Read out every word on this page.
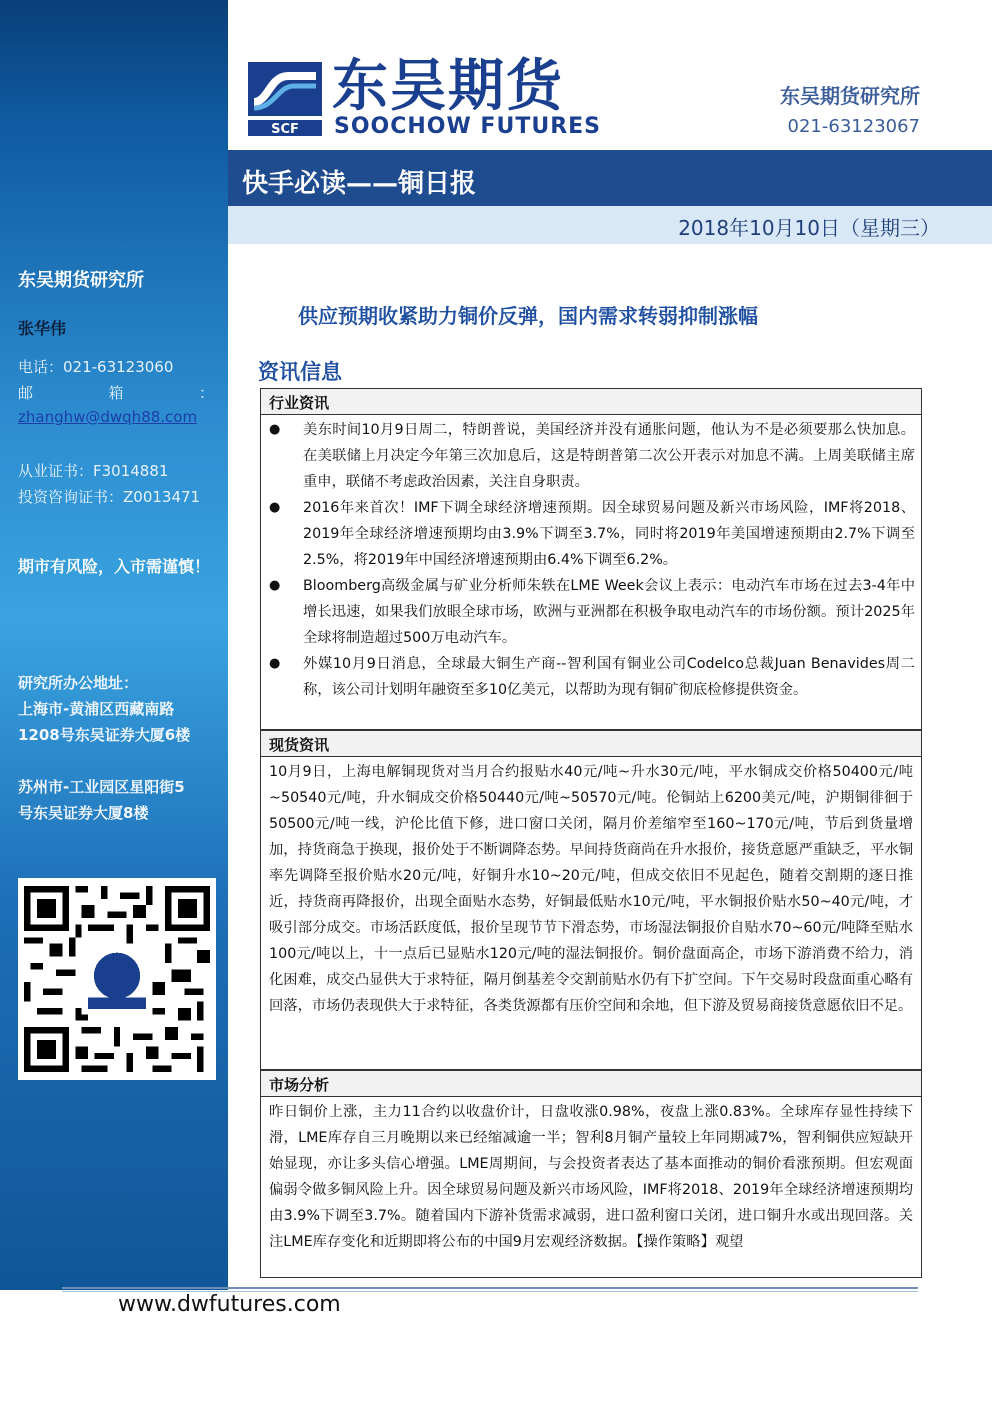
东吴期货研究所
张华伟
电话：021-63123060
邮	箱	：
zhanghw@dwqh88.com
从业证书：F3014881
投资咨询证书：Z0013471
期市有风险，入市需谨慎！
研究所办公地址：
上海市-黄浦区西藏南路
1208号东吴证券大厦6楼
苏州市-工业园区星阳街5
号东吴证券大厦8楼
SCF
东吴期货
SOOCHOW FUTURES
东吴期货研究所
021-63123067
快手必读——铜日报
2018年10月10日（星期三）
供应预期收紧助力铜价反弹，国内需求转弱抑制涨幅
资讯信息
行业资讯
●	美东时间10月9日周二，特朗普说，美国经济并没有通胀问题，他认为不是必须要那么快加息。在美联储上月决定今年第三次加息后，这是特朗普第二次公开表示对加息不满。上周美联储主席重申，联储不考虑政治因素，关注自身职责。
●	2016年来首次！IMF下调全球经济增速预期。因全球贸易问题及新兴市场风险，IMF将2018、2019年全球经济增速预期均由3.9%下调至3.7%，同时将2019年美国增速预期由2.7%下调至2.5%，将2019年中国经济增速预期由6.4%下调至6.2%。
●	Bloomberg高级金属与矿业分析师朱轶在LME Week会议上表示：电动汽车市场在过去3-4年中增长迅速，如果我们放眼全球市场，欧洲与亚洲都在积极争取电动汽车的市场份额。预计2025年全球将制造超过500万电动汽车。
●	外媒10月9日消息，全球最大铜生产商--智利国有铜业公司Codelco总裁Juan Benavides周二称，该公司计划明年融资至多10亿美元，以帮助为现有铜矿彻底检修提供资金。
现货资讯
10月9日，上海电解铜现货对当月合约报贴水40元/吨~升水30元/吨，平水铜成交价格50400元/吨~50540元/吨，升水铜成交价格50440元/吨~50570元/吨。伦铜站上6200美元/吨，沪期铜徘徊于50500元/吨一线，沪伦比值下修，进口窗口关闭，隔月价差缩窄至160~170元/吨，节后到货量增加，持货商急于换现，报价处于不断调降态势。早间持货商尚在升水报价，接货意愿严重缺乏，平水铜率先调降至报价贴水20元/吨，好铜升水10~20元/吨，但成交依旧不见起色，随着交割期的逐日推近，持货商再降报价，出现全面贴水态势，好铜最低贴水10元/吨，平水铜报价贴水50~40元/吨，才吸引部分成交。市场活跃度低，报价呈现节节下滑态势，市场湿法铜报价自贴水70~60元/吨降至贴水100元/吨以上，十一点后已显贴水120元/吨的湿法铜报价。铜价盘面高企，市场下游消费不给力，消化困难，成交凸显供大于求特征，隔月倒基差令交割前贴水仍有下扩空间。下午交易时段盘面重心略有回落，市场仍表现供大于求特征，各类货源都有压价空间和余地，但下游及贸易商接货意愿依旧不足。
市场分析
昨日铜价上涨，主力11合约以收盘价计，日盘收涨0.98%，夜盘上涨0.83%。全球库存显性持续下滑，LME库存自三月晚期以来已经缩减逾一半；智利8月铜产量较上年同期减7%，智利铜供应短缺开始显现，亦让多头信心增强。LME周期间，与会投资者表达了基本面推动的铜价看涨预期。但宏观面偏弱令做多铜风险上升。因全球贸易问题及新兴市场风险，IMF将2018、2019年全球经济增速预期均由3.9%下调至3.7%。随着国内下游补货需求减弱，进口盈利窗口关闭，进口铜升水或出现回落。关注LME库存变化和近期即将公布的中国9月宏观经济数据。【操作策略】观望
www.dwfutures.com
